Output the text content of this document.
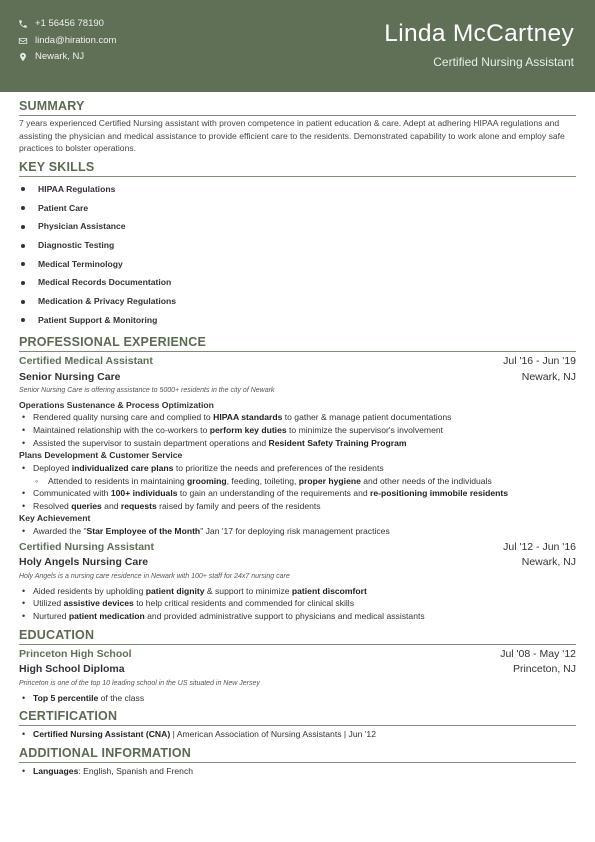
+1 56456 78190
linda@hiration.com
Newark, NJ
Linda McCartney
Certified Nursing Assistant
SUMMARY
7 years experienced Certified Nursing assistant with proven competence in patient education & care. Adept at adhering HIPAA regulations and assisting the physician and medical assistance to provide efficient care to the residents. Demonstrated capability to work alone and employ safe practices to bolster operations.
KEY SKILLS
HIPAA Regulations
Patient Care
Physician Assistance
Diagnostic Testing
Medical Terminology
Medical Records Documentation
Medication & Privacy Regulations
Patient Support & Monitoring
PROFESSIONAL EXPERIENCE
Certified Medical Assistant	Jul '16 - Jun '19
Senior Nursing Care	Newark, NJ
Senior Nursing Care is offering assistance to 5000+ residents in the city of Newark
Operations Sustenance & Process Optimization
• Rendered quality nursing care and complied to HIPAA standards to gather & manage patient documentations
• Maintained relationship with the co-workers to perform key duties to minimize the supervisor's involvement
• Assisted the supervisor to sustain department operations and Resident Safety Training Program
Plans Development & Customer Service
• Deployed individualized care plans to prioritize the needs and preferences of the residents
◦ Attended to residents in maintaining grooming, feeding, toileting, proper hygiene and other needs of the individuals
• Communicated with 100+ individuals to gain an understanding of the requirements and re-positioning immobile residents
• Resolved queries and requests raised by family and peers of the residents
Key Achievement
• Awarded the "Star Employee of the Month" Jan '17 for deploying risk management practices
Certified Nursing Assistant	Jul '12 - Jun '16
Holy Angels Nursing Care	Newark, NJ
Holy Angels is a nursing care residence in Newark with 100+ staff for 24x7 nursing care
• Aided residents by upholding patient dignity & support to minimize patient discomfort
• Utilized assistive devices to help critical residents and commended for clinical skills
• Nurtured patient medication and provided administrative support to physicians and medical assistants
EDUCATION
Princeton High School	Jul '08 - May '12
High School Diploma	Princeton, NJ
Princeton is one of the top 10 leading school in the US situated in New Jersey
• Top 5 percentile of the class
CERTIFICATION
• Certified Nursing Assistant (CNA) | American Association of Nursing Assistants | Jun '12
ADDITIONAL INFORMATION
• Languages: English, Spanish and French
